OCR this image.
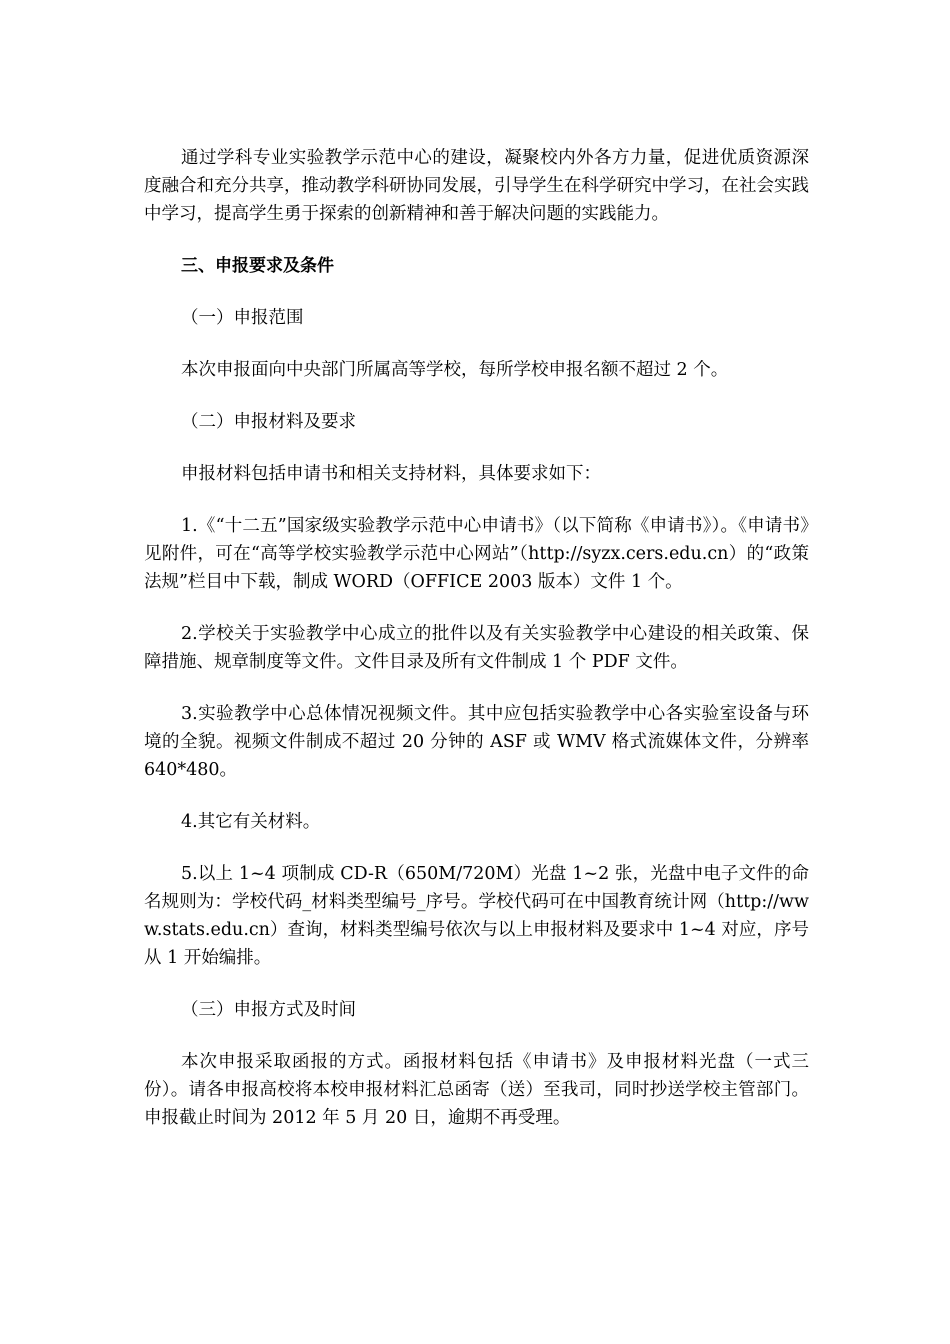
通过学科专业实验教学示范中心的建设，凝聚校内外各方力量，促进优质资源深度融合和充分共享，推动教学科研协同发展，引导学生在科学研究中学习，在社会实践中学习，提高学生勇于探索的创新精神和善于解决问题的实践能力。

三、申报要求及条件

（一）申报范围

本次申报面向中央部门所属高等学校，每所学校申报名额不超过 2 个。

（二）申报材料及要求

申报材料包括申请书和相关支持材料，具体要求如下：

1.《“十二五”国家级实验教学示范中心申请书》（以下简称《申请书》）。《申请书》见附件，可在“高等学校实验教学示范中心网站”（http://syzx.cers.edu.cn）的“政策法规”栏目中下载，制成 WORD（OFFICE 2003 版本）文件 1 个。

2.学校关于实验教学中心成立的批件以及有关实验教学中心建设的相关政策、保障措施、规章制度等文件。文件目录及所有文件制成 1 个 PDF 文件。

3.实验教学中心总体情况视频文件。其中应包括实验教学中心各实验室设备与环境的全貌。视频文件制成不超过 20 分钟的 ASF 或 WMV 格式流媒体文件，分辨率 640*480。

4.其它有关材料。

5.以上 1~4 项制成 CD-R（650M/720M）光盘 1~2 张，光盘中电子文件的命名规则为：学校代码_材料类型编号_序号。学校代码可在中国教育统计网（http://www.stats.edu.cn）查询，材料类型编号依次与以上申报材料及要求中 1~4 对应，序号从 1 开始编排。

（三）申报方式及时间

本次申报采取函报的方式。函报材料包括《申请书》及申报材料光盘（一式三份）。请各申报高校将本校申报材料汇总函寄（送）至我司，同时抄送学校主管部门。申报截止时间为 2012 年 5 月 20 日，逾期不再受理。
